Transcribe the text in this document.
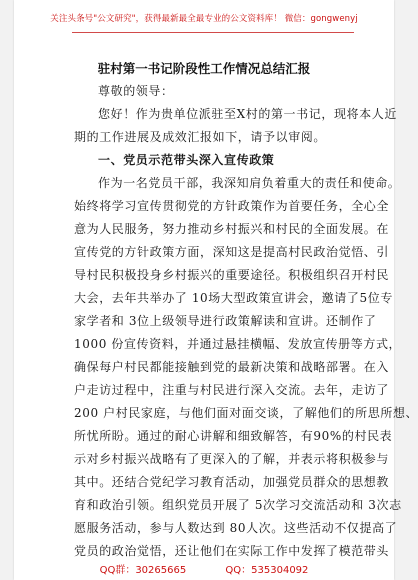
关注头条号"公文研究"，获得最新最全最专业的公文资料库！ 微信：gongwenyj
驻村第一书记阶段性工作情况总结汇报
尊敬的领导：
您好！作为贵单位派驻至X村的第一书记，现将本人近
期的工作进展及成效汇报如下，请予以审阅。
一、党员示范带头深入宣传政策
作为一名党员干部，我深知肩负着重大的责任和使命。
始终将学习宣传贯彻党的方针政策作为首要任务，全心全
意为人民服务，努力推动乡村振兴和村民的全面发展。在
宣传党的方针政策方面，深知这是提高村民政治觉悟、引
导村民积极投身乡村振兴的重要途径。积极组织召开村民
大会，去年共举办了 10场大型政策宣讲会，邀请了5位专
家学者和 3位上级领导进行政策解读和宣讲。还制作了
1000 份宣传资料，并通过悬挂横幅、发放宣传册等方式，
确保每户村民都能接触到党的最新决策和战略部署。在入
户走访过程中，注重与村民进行深入交流。去年，走访了
200 户村民家庭，与他们面对面交谈，了解他们的所思所想、
所忧所盼。通过的耐心讲解和细致解答，有90%的村民表
示对乡村振兴战略有了更深入的了解，并表示将积极参与
其中。还结合党纪学习教育活动，加强党员群众的思想教
育和政治引领。组织党员开展了 5次学习交流活动和 3次志
愿服务活动，参与人数达到 80人次。这些活动不仅提高了
党员的政治觉悟，还让他们在实际工作中发挥了模范带头
QQ群：30265665	QQ：535304092
